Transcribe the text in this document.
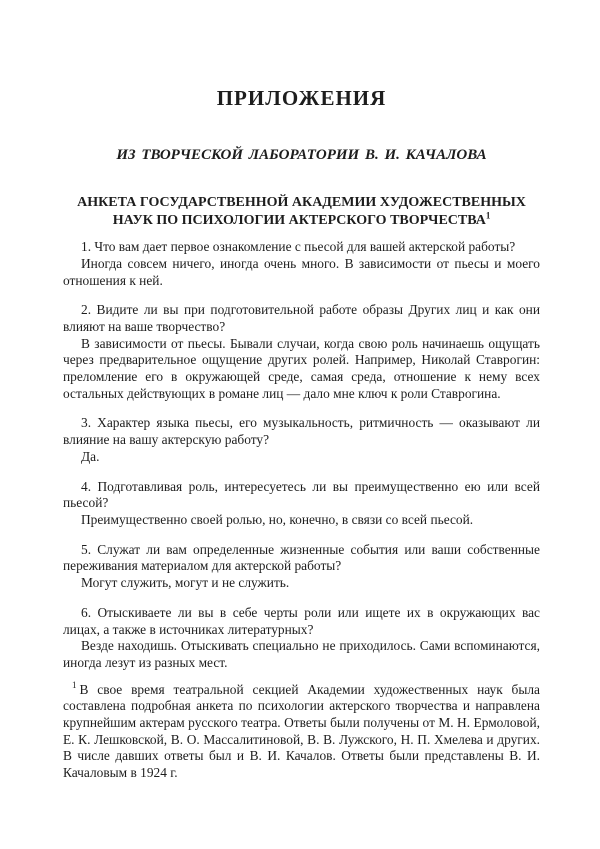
ПРИЛОЖЕНИЯ
ИЗ ТВОРЧЕСКОЙ ЛАБОРАТОРИИ В. И. КАЧАЛОВА
АНКЕТА ГОСУДАРСТВЕННОЙ АКАДЕМИИ ХУДОЖЕСТВЕННЫХ НАУК ПО ПСИХОЛОГИИ АКТЕРСКОГО ТВОРЧЕСТВА$^1$

1. Что вам дает первое ознакомление с пьесой для вашей актерской работы?

Иногда совсем ничего, иногда очень много. В зависимости от пьесы и моего отношения к ней.

2. Видите ли вы при подготовительной работе образы Других лиц и как они влияют на ваше творчество?

В зависимости от пьесы. Бывали случаи, когда свою роль начинаешь ощущать через предварительное ощущение других ролей. Например, Николай Ставрогин: преломление его в окружающей среде, самая среда, отношение к нему всех остальных действующих в романе лиц — дало мне ключ к роли Ставрогина.

3. Характер языка пьесы, его музыкальность, ритмичность — оказывают ли влияние на вашу актерскую работу?

Да.

4. Подготавливая роль, интересуетесь ли вы преимущественно ею или всей пьесой?

Преимущественно своей ролью, но, конечно, в связи со всей пьесой.

5. Служат ли вам определенные жизненные события или ваши собственные переживания материалом для актерской работы?

Могут служить, могут и не служить.

6. Отыскиваете ли вы в себе черты роли или ищете их в окружающих вас лицах, а также в источниках литературных?

Везде находишь. Отыскивать специально не приходилось. Сами вспоминаются, иногда лезут из разных мест.

$^1$ В свое время театральной секцией Академии художественных наук была составлена подробная анкета по психологии актерского творчества и направлена крупнейшим актерам русского театра. Ответы были получены от М. Н. Ермоловой, Е. К. Лешковской, В. О. Массалитиновой, В. В. Лужского, Н. П. Хмелева и других. В числе давших ответы был и В. И. Качалов. Ответы были представлены В. И. Качаловым в 1924 г.
